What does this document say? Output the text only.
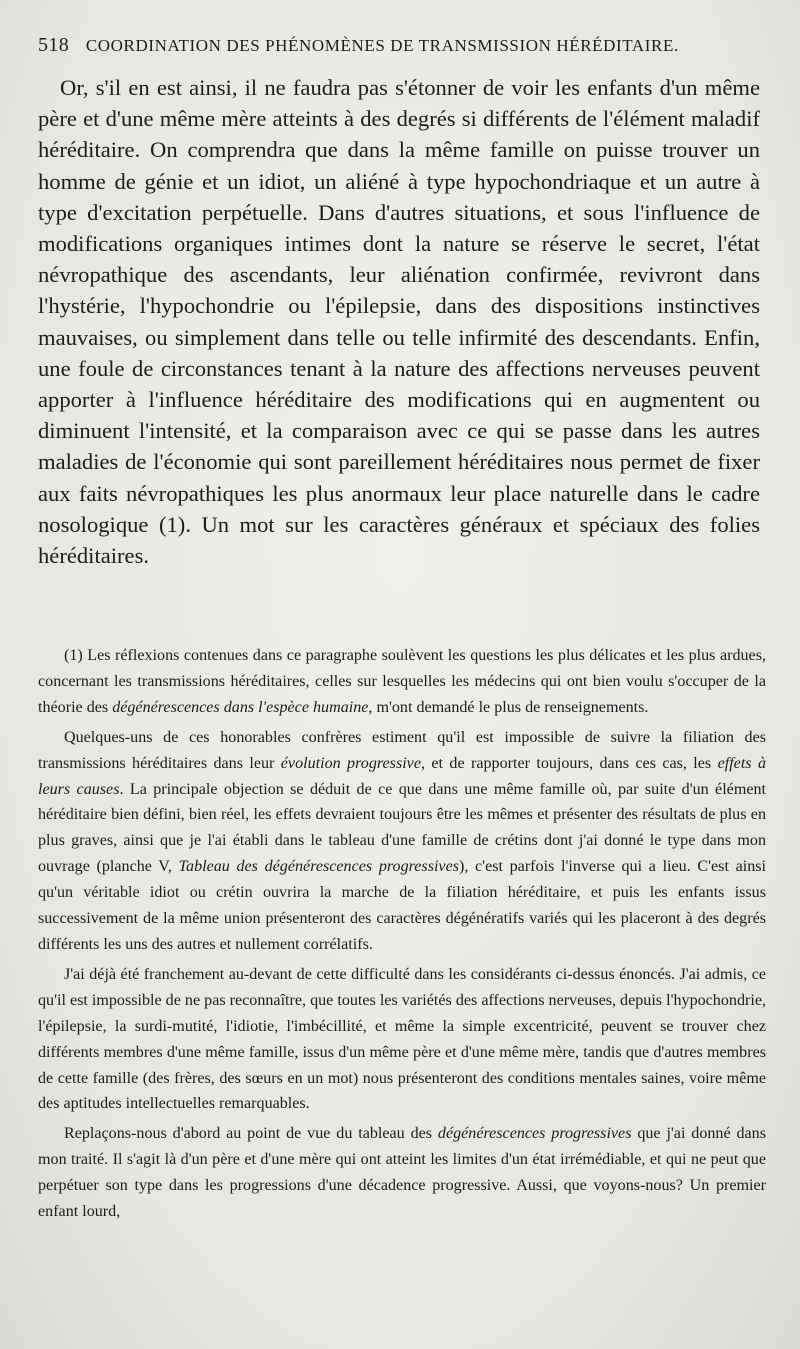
518 COORDINATION DES PHÉNOMÈNES DE TRANSMISSION HÉRÉDITAIRE.

Or, s'il en est ainsi, il ne faudra pas s'étonner de voir les enfants d'un même père et d'une même mère atteints à des degrés si différents de l'élément maladif héréditaire. On comprendra que dans la même famille on puisse trouver un homme de génie et un idiot, un aliéné à type hypochondriaque et un autre à type d'excitation perpétuelle. Dans d'autres situations, et sous l'influence de modifications organiques intimes dont la nature se réserve le secret, l'état névropathique des ascendants, leur aliénation confirmée, revivront dans l'hystérie, l'hypochondrie ou l'épilepsie, dans des dispositions instinctives mauvaises, ou simplement dans telle ou telle infirmité des descendants. Enfin, une foule de circonstances tenant à la nature des affections nerveuses peuvent apporter à l'influence héréditaire des modifications qui en augmentent ou diminuent l'intensité, et la comparaison avec ce qui se passe dans les autres maladies de l'économie qui sont pareillement héréditaires nous permet de fixer aux faits névropathiques les plus anormaux leur place naturelle dans le cadre nosologique (1). Un mot sur les caractères généraux et spéciaux des folies héréditaires.

(1) Les réflexions contenues dans ce paragraphe soulèvent les questions les plus délicates et les plus ardues, concernant les transmissions héréditaires, celles sur lesquelles les médecins qui ont bien voulu s'occuper de la théorie des dégénérescences dans l'espèce humaine, m'ont demandé le plus de renseignements.

Quelques-uns de ces honorables confrères estiment qu'il est impossible de suivre la filiation des transmissions héréditaires dans leur évolution progressive, et de rapporter toujours, dans ces cas, les effets à leurs causes. La principale objection se déduit de ce que dans une même famille où, par suite d'un élément héréditaire bien défini, bien réel, les effets devraient toujours être les mêmes et présenter des résultats de plus en plus graves, ainsi que je l'ai établi dans le tableau d'une famille de crétins dont j'ai donné le type dans mon ouvrage (planche V, Tableau des dégénérescences progressives), c'est parfois l'inverse qui a lieu. C'est ainsi qu'un véritable idiot ou crétin ouvrira la marche de la filiation héréditaire, et puis les enfants issus successivement de la même union présenteront des caractères dégénératifs variés qui les placeront à des degrés différents les uns des autres et nullement corrélatifs.

J'ai déjà été franchement au-devant de cette difficulté dans les considérants ci-dessus énoncés. J'ai admis, ce qu'il est impossible de ne pas reconnaître, que toutes les variétés des affections nerveuses, depuis l'hypochondrie, l'épilepsie, la surdi-mutité, l'idiotie, l'imbécillité, et même la simple excentricité, peuvent se trouver chez différents membres d'une même famille, issus d'un même père et d'une même mère, tandis que d'autres membres de cette famille (des frères, des sœurs en un mot) nous présenteront des conditions mentales saines, voire même des aptitudes intellectuelles remarquables.

Replaçons-nous d'abord au point de vue du tableau des dégénérescences progressives que j'ai donné dans mon traité. Il s'agit là d'un père et d'une mère qui ont atteint les limites d'un état irrémédiable, et qui ne peut que perpétuer son type dans les progressions d'une décadence progressive. Aussi, que voyons-nous? Un premier enfant lourd,
